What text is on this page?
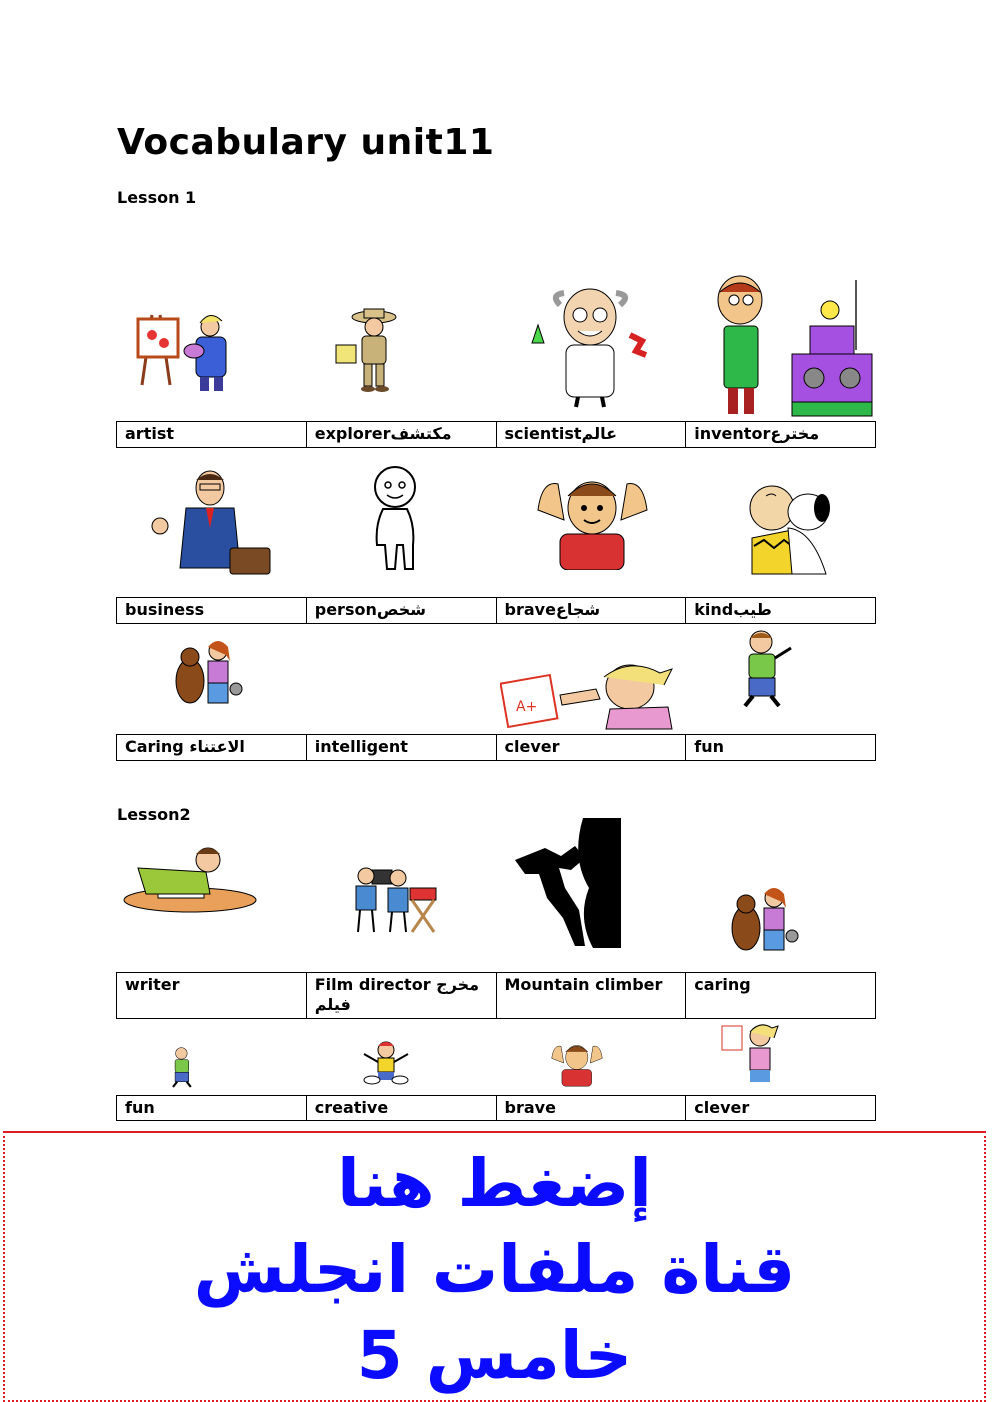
Vocabulary unit11
Lesson 1
artist	explorerمكتشف	scientistعالم	inventorمخترع
business	personشخص	braveشجاع	kindطيب
A+
Caring الاعتناء	intelligent	clever	fun
Lesson2
writer	Film director مخرج فيلم	Mountain climber	caring
fun	creative	brave	clever
إضغط هنا
قناة ملفات انجلش
خامس 5
